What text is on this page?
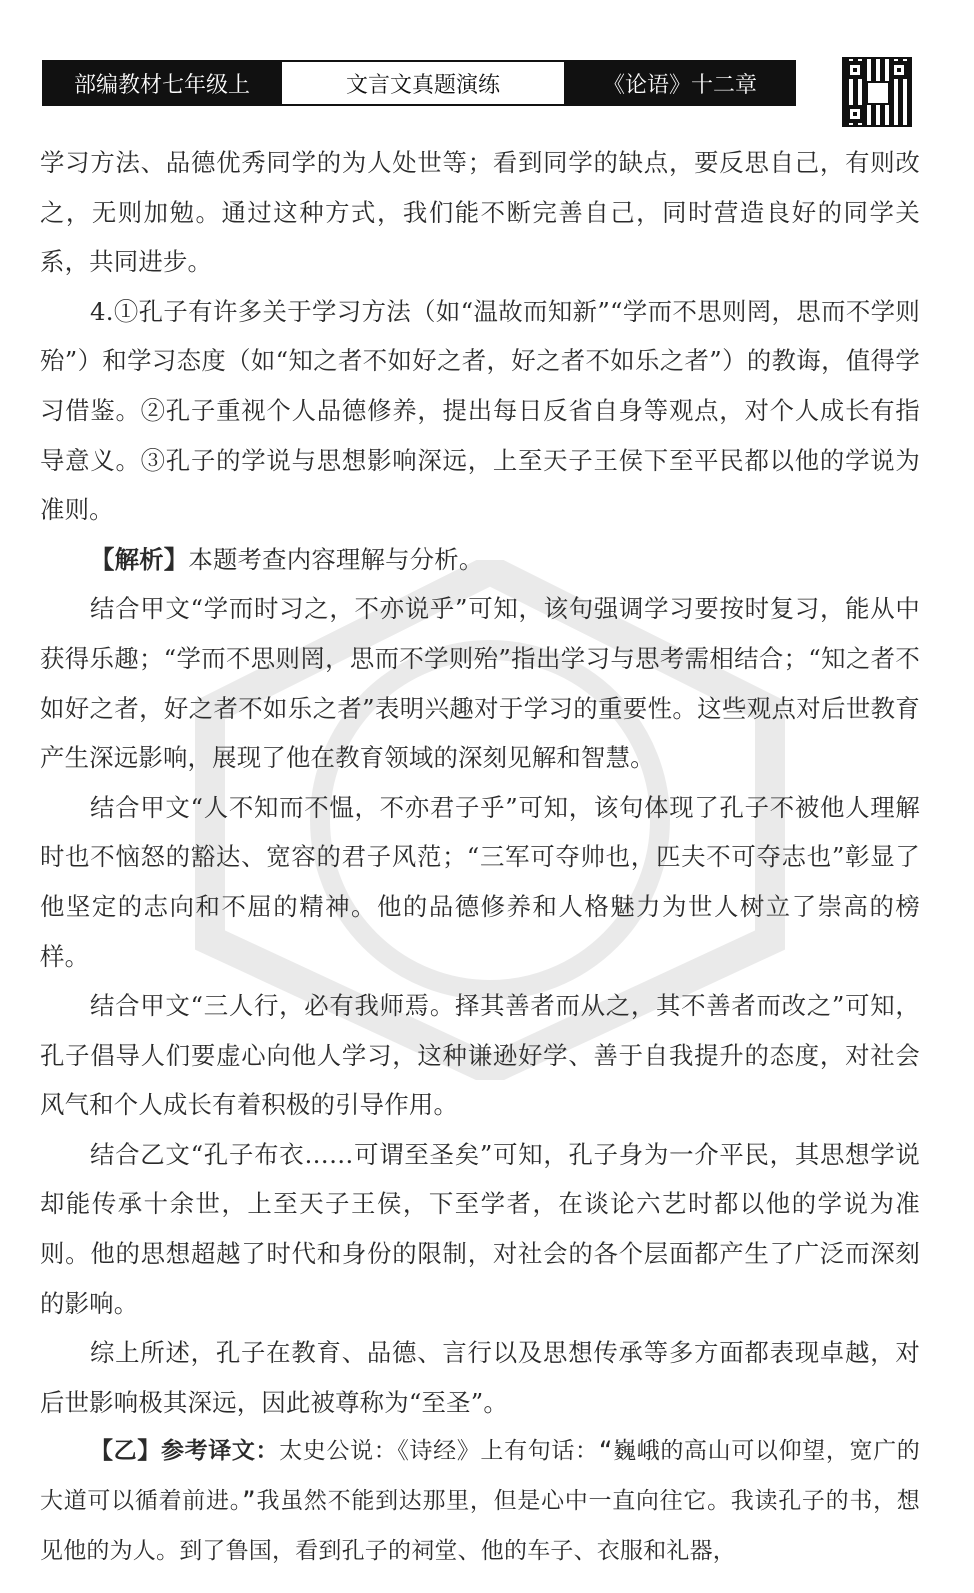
部编教材七年级上	文言文真题演练	《论语》十二章

学习方法、品德优秀同学的为人处世等；看到同学的缺点，要反思自己，有则改之，无则加勉。通过这种方式，我们能不断完善自己，同时营造良好的同学关系，共同进步。

4.①孔子有许多关于学习方法（如“温故而知新”“学而不思则罔，思而不学则殆”）和学习态度（如“知之者不如好之者，好之者不如乐之者”）的教诲，值得学习借鉴。②孔子重视个人品德修养，提出每日反省自身等观点，对个人成长有指导意义。③孔子的学说与思想影响深远，上至天子王侯下至平民都以他的学说为准则。

【解析】本题考查内容理解与分析。

结合甲文“学而时习之，不亦说乎”可知，该句强调学习要按时复习，能从中获得乐趣；“学而不思则罔，思而不学则殆”指出学习与思考需相结合；“知之者不如好之者，好之者不如乐之者”表明兴趣对于学习的重要性。这些观点对后世教育产生深远影响，展现了他在教育领域的深刻见解和智慧。

结合甲文“人不知而不愠，不亦君子乎”可知，该句体现了孔子不被他人理解时也不恼怒的豁达、宽容的君子风范；“三军可夺帅也，匹夫不可夺志也”彰显了他坚定的志向和不屈的精神。他的品德修养和人格魅力为世人树立了崇高的榜样。

结合甲文“三人行，必有我师焉。择其善者而从之，其不善者而改之”可知，孔子倡导人们要虚心向他人学习，这种谦逊好学、善于自我提升的态度，对社会风气和个人成长有着积极的引导作用。

结合乙文“孔子布衣……可谓至圣矣”可知，孔子身为一介平民，其思想学说却能传承十余世，上至天子王侯，下至学者，在谈论六艺时都以他的学说为准则。他的思想超越了时代和身份的限制，对社会的各个层面都产生了广泛而深刻的影响。

综上所述，孔子在教育、品德、言行以及思想传承等多方面都表现卓越，对后世影响极其深远，因此被尊称为“至圣”。

【乙】参考译文：太史公说：《诗经》上有句话：“巍峨的高山可以仰望，宽广的大道可以循着前进。”我虽然不能到达那里，但是心中一直向往它。我读孔子的书，想见他的为人。到了鲁国，看到孔子的祠堂、他的车子、衣服和礼器，
